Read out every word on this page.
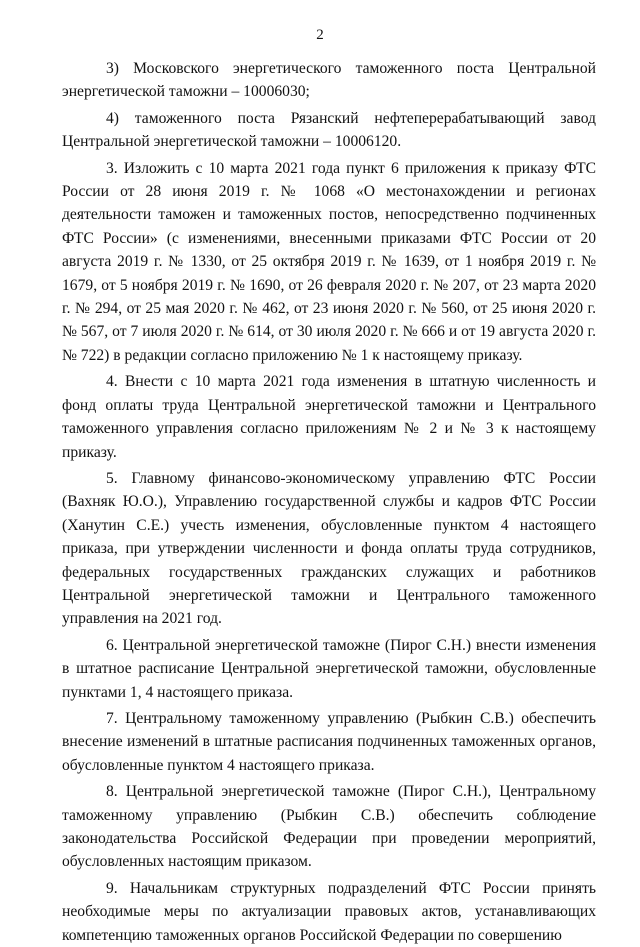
2

3) Московского энергетического таможенного поста Центральной энергетической таможни – 10006030;

4) таможенного поста Рязанский нефтеперерабатывающий завод Центральной энергетической таможни – 10006120.

3. Изложить с 10 марта 2021 года пункт 6 приложения к приказу ФТС России от 28 июня 2019 г. № 1068 «О местонахождении и регионах деятельности таможен и таможенных постов, непосредственно подчиненных ФТС России» (с изменениями, внесенными приказами ФТС России от 20 августа 2019 г. № 1330, от 25 октября 2019 г. № 1639, от 1 ноября 2019 г. № 1679, от 5 ноября 2019 г. № 1690, от 26 февраля 2020 г. № 207, от 23 марта 2020 г. № 294, от 25 мая 2020 г. № 462, от 23 июня 2020 г. № 560, от 25 июня 2020 г. № 567, от 7 июля 2020 г. № 614, от 30 июля 2020 г. № 666 и от 19 августа 2020 г. № 722) в редакции согласно приложению № 1 к настоящему приказу.

4. Внести с 10 марта 2021 года изменения в штатную численность и фонд оплаты труда Центральной энергетической таможни и Центрального таможенного управления согласно приложениям № 2 и № 3 к настоящему приказу.

5. Главному финансово-экономическому управлению ФТС России (Вахняк Ю.О.), Управлению государственной службы и кадров ФТС России (Ханутин С.Е.) учесть изменения, обусловленные пунктом 4 настоящего приказа, при утверждении численности и фонда оплаты труда сотрудников, федеральных государственных гражданских служащих и работников Центральной энергетической таможни и Центрального таможенного управления на 2021 год.

6. Центральной энергетической таможне (Пирог С.Н.) внести изменения в штатное расписание Центральной энергетической таможни, обусловленные пунктами 1, 4 настоящего приказа.

7. Центральному таможенному управлению (Рыбкин С.В.) обеспечить внесение изменений в штатные расписания подчиненных таможенных органов, обусловленные пунктом 4 настоящего приказа.

8. Центральной энергетической таможне (Пирог С.Н.), Центральному таможенному управлению (Рыбкин С.В.) обеспечить соблюдение законодательства Российской Федерации при проведении мероприятий, обусловленных настоящим приказом.

9. Начальникам структурных подразделений ФТС России принять необходимые меры по актуализации правовых актов, устанавливающих компетенцию таможенных органов Российской Федерации по совершению
